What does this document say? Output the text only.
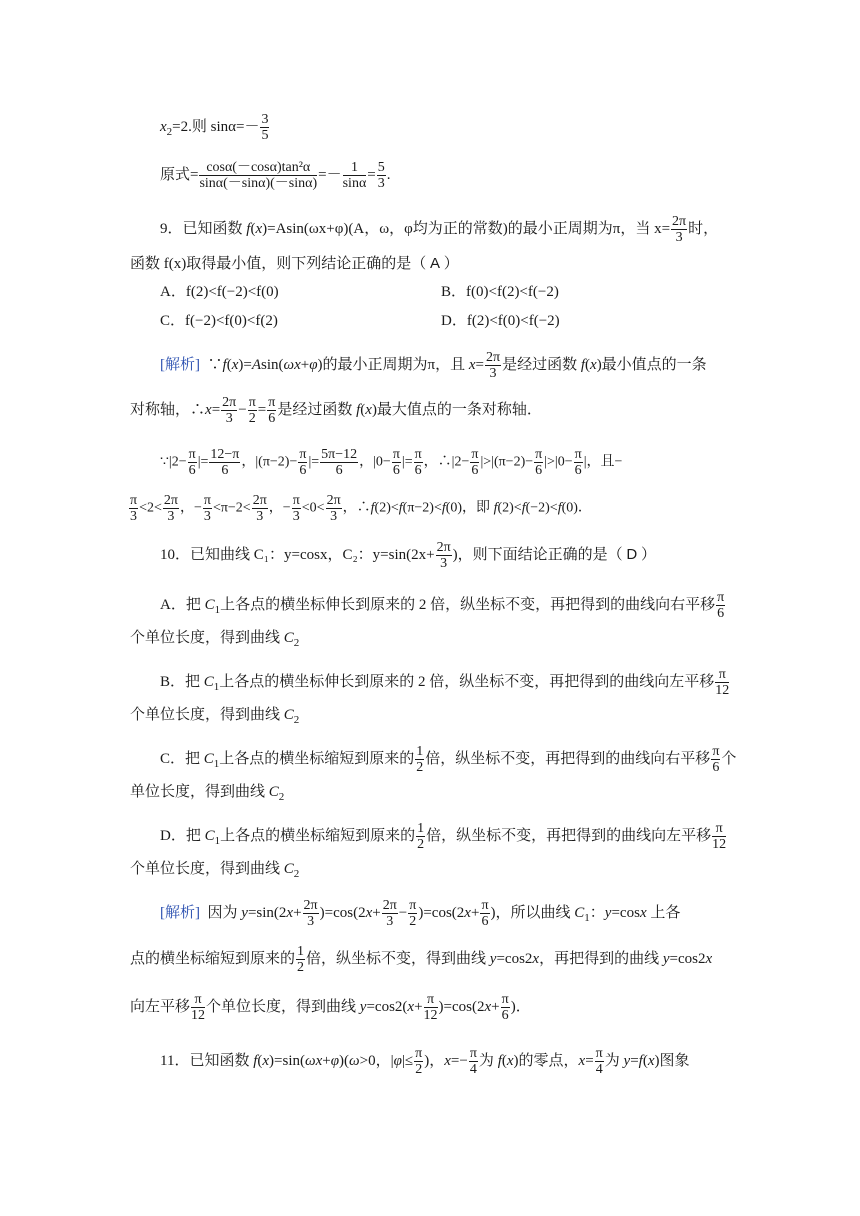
$x_2=2$.则 $\sin\alpha=- \frac{3}{5}$
原式= $\frac{\text{cosα(－cosα)tan²α}}{\sin\alpha(-\sin\alpha)(-\sin\alpha)} =- \frac{1}{\sin\alpha} = \frac{5}{3}$ .
9．已知函数 f(x)=Asin(ωx+φ)(A，ω，φ均为正的常数)的最小正周期为π，当 $x= \frac{2\pi}{3}$ 时，
函数 f(x)取得最小值，则下列结论正确的是（ A ）
A．f(2)<f(−2)<f(0)	B．f(0)<f(2)<f(−2)
C．f(−2)<f(0)<f(2)	D．f(2)<f(0)<f(−2)
[解析]  ∵f(x)=Asin(ωx+φ)的最小正周期为π，且 $x= \frac{2\pi}{3}$ 是经过函数 f(x)最小值点的一条
对称轴，∴x= $\frac{2\pi}{3} - \frac{\pi}{2} = \frac{\pi}{6}$ 是经过函数 f(x)最大值点的一条对称轴．
∵|2− $\frac{\pi}{6}$ |= $\frac{12-\pi}{6}$ ，$|(\pi-2)- \frac{\pi}{6}$ |= $\frac{5\pi-12}{6}$ ，$|0- \frac{\pi}{6}$ |= $\frac{\pi}{6}$ ，∴|2− $\frac{\pi}{6} |>|(\pi-2)- \frac{\pi}{6} |>|0- \frac{\pi}{6}$ |，且−
$\frac{\pi}{3} <2< \frac{2\pi}{3}$ ，− $\frac{\pi}{3} <\pi-2< \frac{2\pi}{3}$ ，− $\frac{\pi}{3} <0< \frac{2\pi}{3}$ ，∴f(2)<f(π−2)<f(0)，即 f(2)<f(−2)<f(0)．
10．已知曲线 C₁：y=cosx，C₂：$y=\sin(2x+ \frac{2\pi}{3}$ )，则下面结论正确的是（ D ）
A．把 $C_1$上各点的横坐标伸长到原来的 2 倍，纵坐标不变，再把得到的曲线向右平移 $\frac{\pi}{6}$
个单位长度，得到曲线 $C_2$
B．把 $C_1$上各点的横坐标伸长到原来的 2 倍，纵坐标不变，再把得到的曲线向左平移 $\frac{\pi}{12}$
个单位长度，得到曲线 $C_2$
C．把 $C_1$上各点的横坐标缩短到原来的 $\frac{1}{2}$ 倍，纵坐标不变，再把得到的曲线向右平移 $\frac{\pi}{6}$ 个
单位长度，得到曲线 $C_2$
D．把 $C_1$上各点的横坐标缩短到原来的 $\frac{1}{2}$ 倍，纵坐标不变，再把得到的曲线向左平移 $\frac{\pi}{12}$
个单位长度，得到曲线 $C_2$
[解析]  因为 $y=\sin(2x+ \frac{2\pi}{3} )=\cos(2x+ \frac{2\pi}{3} - \frac{\pi}{2} )=\cos(2x+ \frac{\pi}{6}$ )，所以曲线 $C_1$：y=cosx 上各
点的横坐标缩短到原来的 $\frac{1}{2}$ 倍，纵坐标不变，得到曲线 y=cos2x，再把得到的曲线 y=cos2x
向左平移 $\frac{\pi}{12}$ 个单位长度，得到曲线 $y=\cos 2(x+ \frac{\pi}{12} )=\cos(2x+ \frac{\pi}{6}$ )．
11．已知函数 f(x)=sin(ωx+φ)(ω>0，$|\varphi|\le \frac{\pi}{2}$ )，$x=- \frac{\pi}{4}$ 为 f(x)的零点，$x= \frac{\pi}{4}$ 为 y=f(x)图象
